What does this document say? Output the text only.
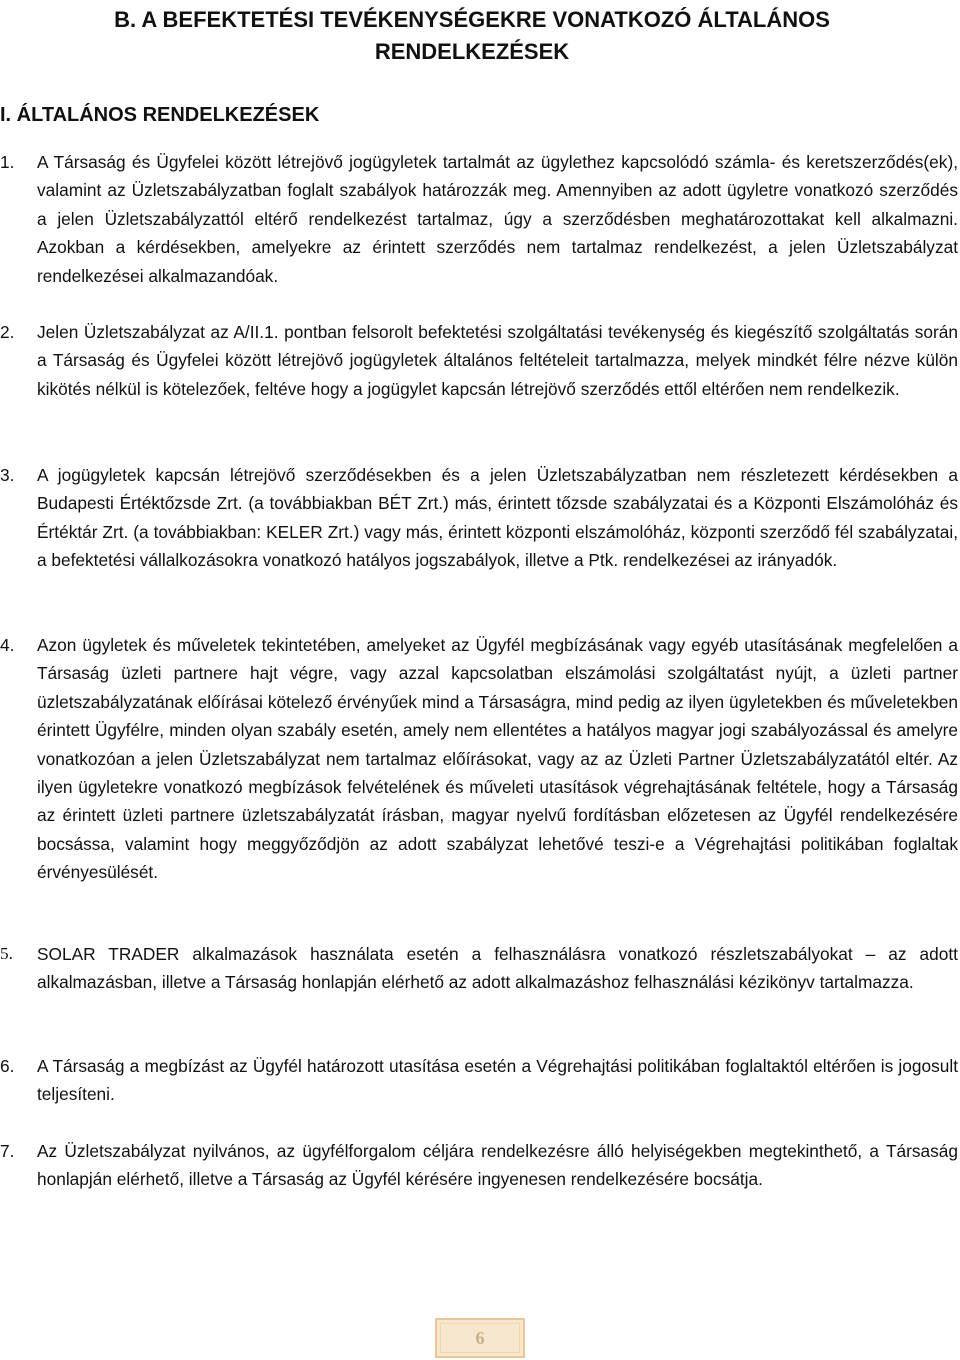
B. A BEFEKTETÉSI TEVÉKENYSÉGEKRE VONATKOZÓ ÁLTALÁNOS
RENDELKEZÉSEK
I. ÁLTALÁNOS RENDELKEZÉSEK
1.	A Társaság és Ügyfelei között létrejövő jogügyletek tartalmát az ügylethez kapcsolódó számla- és keretszerződés(ek), valamint az Üzletszabályzatban foglalt szabályok határozzák meg. Amennyiben az adott ügyletre vonatkozó szerződés a jelen Üzletszabályzattól eltérő rendelkezést tartalmaz, úgy a szerződésben meghatározottakat kell alkalmazni. Azokban a kérdésekben, amelyekre az érintett szerződés nem tartalmaz rendelkezést, a jelen Üzletszabályzat rendelkezései alkalmazandóak.
2.	Jelen Üzletszabályzat az A/II.1. pontban felsorolt befektetési szolgáltatási tevékenység és kiegészítő szolgáltatás során a Társaság és Ügyfelei között létrejövő jogügyletek általános feltételeit tartalmazza, melyek mindkét félre nézve külön kikötés nélkül is kötelezőek, feltéve hogy a jogügylet kapcsán létrejövő szerződés ettől eltérően nem rendelkezik.
3.	A jogügyletek kapcsán létrejövő szerződésekben és a jelen Üzletszabályzatban nem részletezett kérdésekben a Budapesti Értéktőzsde Zrt. (a továbbiakban BÉT Zrt.) más, érintett tőzsde szabályzatai és a Központi Elszámolóház és Értéktár Zrt. (a továbbiakban: KELER Zrt.) vagy más, érintett központi elszámolóház, központi szerződő fél szabályzatai, a befektetési vállalkozásokra vonatkozó hatályos jogszabályok, illetve a Ptk. rendelkezései az irányadók.
4.	Azon ügyletek és műveletek tekintetében, amelyeket az Ügyfél megbízásának vagy egyéb utasításának megfelelően a Társaság üzleti partnere hajt végre, vagy azzal kapcsolatban elszámolási szolgáltatást nyújt, a üzleti partner üzletszabályzatának előírásai kötelező érvényűek mind a Társaságra, mind pedig az ilyen ügyletekben és műveletekben érintett Ügyfélre, minden olyan szabály esetén, amely nem ellentétes a hatályos magyar jogi szabályozással és amelyre vonatkozóan a jelen Üzletszabályzat nem tartalmaz előírásokat, vagy az az Üzleti Partner Üzletszabályzatától eltér. Az ilyen ügyletekre vonatkozó megbízások felvételének és műveleti utasítások végrehajtásának feltétele, hogy a Társaság az érintett üzleti partnere üzletszabályzatát írásban, magyar nyelvű fordításban előzetesen az Ügyfél rendelkezésére bocsássa, valamint hogy meggyőződjön az adott szabályzat lehetővé teszi-e a Végrehajtási politikában foglaltak érvényesülését.
5.	SOLAR TRADER alkalmazások használata esetén a felhasználásra vonatkozó részletszabályokat – az adott alkalmazásban, illetve a Társaság honlapján elérhető az adott alkalmazáshoz felhasználási kézikönyv tartalmazza.
6.	A Társaság a megbízást az Ügyfél határozott utasítása esetén a Végrehajtási politikában foglaltaktól eltérően is jogosult teljesíteni.
7.	Az Üzletszabályzat nyilvános, az ügyfélforgalom céljára rendelkezésre álló helyiségekben megtekinthető, a Társaság honlapján elérhető, illetve a Társaság az Ügyfél kérésére ingyenesen rendelkezésére bocsátja.
6
